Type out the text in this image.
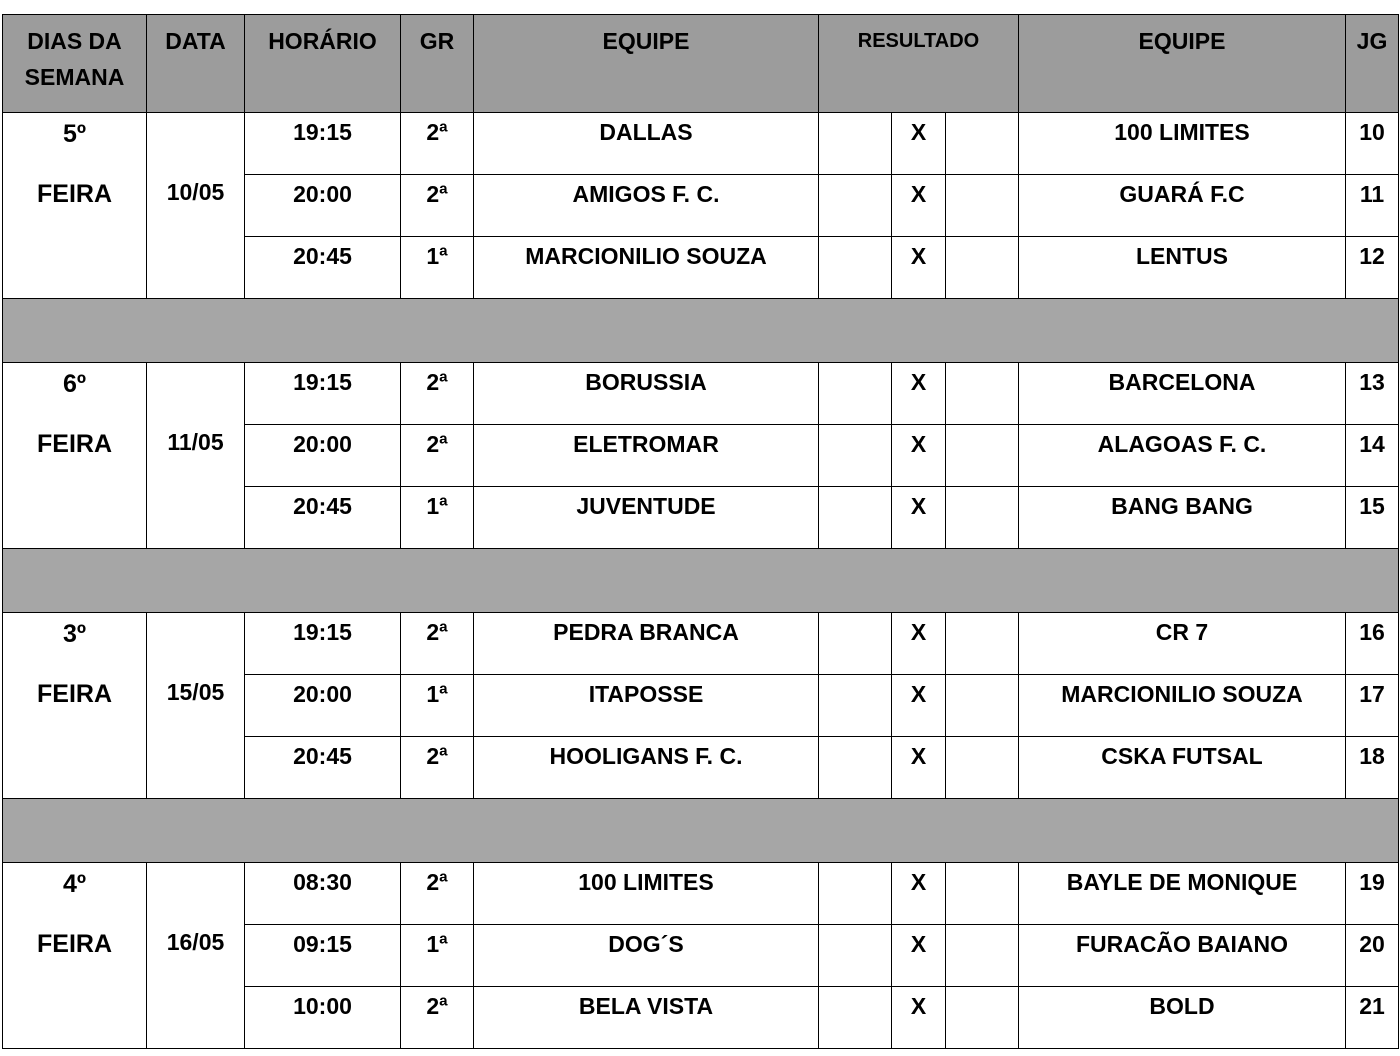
DIAS DA SEMANA	DATA	HORÁRIO	GR	EQUIPE	RESULTADO			EQUIPE	JG

5º
FEIRA	10/05	19:15	2ª	DALLAS		X		100 LIMITES	10
		20:00	2ª	AMIGOS F. C.		X		GUARÁ F.C	11
		20:45	1ª	MARCIONILIO SOUZA		X		LENTUS	12

6º
FEIRA	11/05	19:15	2ª	BORUSSIA		X		BARCELONA	13
		20:00	2ª	ELETROMAR		X		ALAGOAS F. C.	14
		20:45	1ª	JUVENTUDE		X		BANG BANG	15

3º
FEIRA	15/05	19:15	2ª	PEDRA BRANCA		X		CR 7	16
		20:00	1ª	ITAPOSSE		X		MARCIONILIO SOUZA	17
		20:45	2ª	HOOLIGANS F. C.		X		CSKA FUTSAL	18

4º
FEIRA	16/05	08:30	2ª	100 LIMITES		X		BAYLE DE MONIQUE	19
		09:15	1ª	DOG´S		X		FURACÃO BAIANO	20
		10:00	2ª	BELA VISTA		X		BOLD	21
